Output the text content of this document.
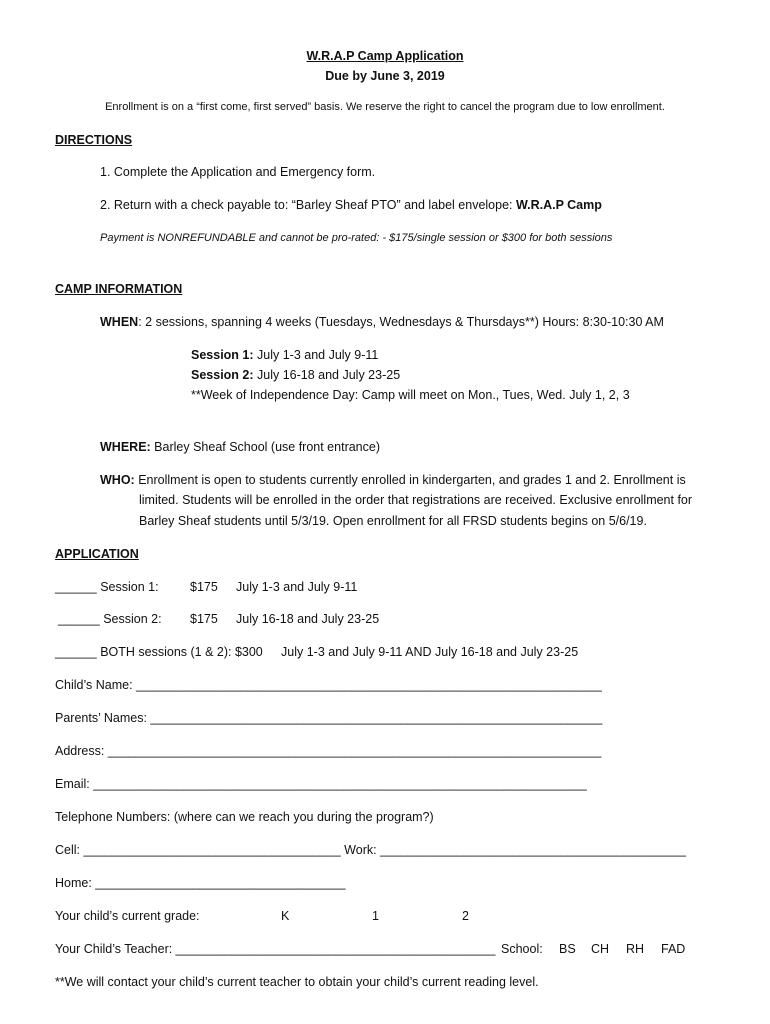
W.R.A.P Camp Application
Due by June 3, 2019
Enrollment is on a “first come, first served” basis. We reserve the right to cancel the program due to low enrollment.
DIRECTIONS
1. Complete the Application and Emergency form.
2. Return with a check payable to: “Barley Sheaf PTO” and label envelope: W.R.A.P Camp
Payment is NONREFUNDABLE and cannot be pro-rated: - $175/single session or $300 for both sessions
CAMP INFORMATION
WHEN: 2 sessions, spanning 4 weeks (Tuesdays, Wednesdays & Thursdays**) Hours: 8:30-10:30 AM
Session 1: July 1-3 and July 9-11
Session 2: July 16-18 and July 23-25
**Week of Independence Day: Camp will meet on Mon., Tues, Wed. July 1, 2, 3
WHERE: Barley Sheaf School (use front entrance)
WHO: Enrollment is open to students currently enrolled in kindergarten, and grades 1 and 2. Enrollment is
limited. Students will be enrolled in the order that registrations are received. Exclusive enrollment for
Barley Sheaf students until 5/3/19. Open enrollment for all FRSD students begins on 5/6/19.
APPLICATION
______ Session 1:	$175 July 1-3 and July 9-11
______ Session 2: $175 July 16-18 and July 23-25
______ BOTH sessions (1 & 2): $300 July 1-3 and July 9-11 AND July 16-18 and July 23-25
Child’s Name: ___________________________________________________________________
Parents’ Names: _________________________________________________________________
Address: _______________________________________________________________________
Email: _______________________________________________________________________
Telephone Numbers: (where can we reach you during the program?)
Cell: _____________________________________ Work: ____________________________________________
Home: ____________________________________
Your child’s current grade:	K	1	2
Your Child’s Teacher: ______________________________________________ School: BS CH RH FAD
**We will contact your child’s current teacher to obtain your child’s current reading level.
